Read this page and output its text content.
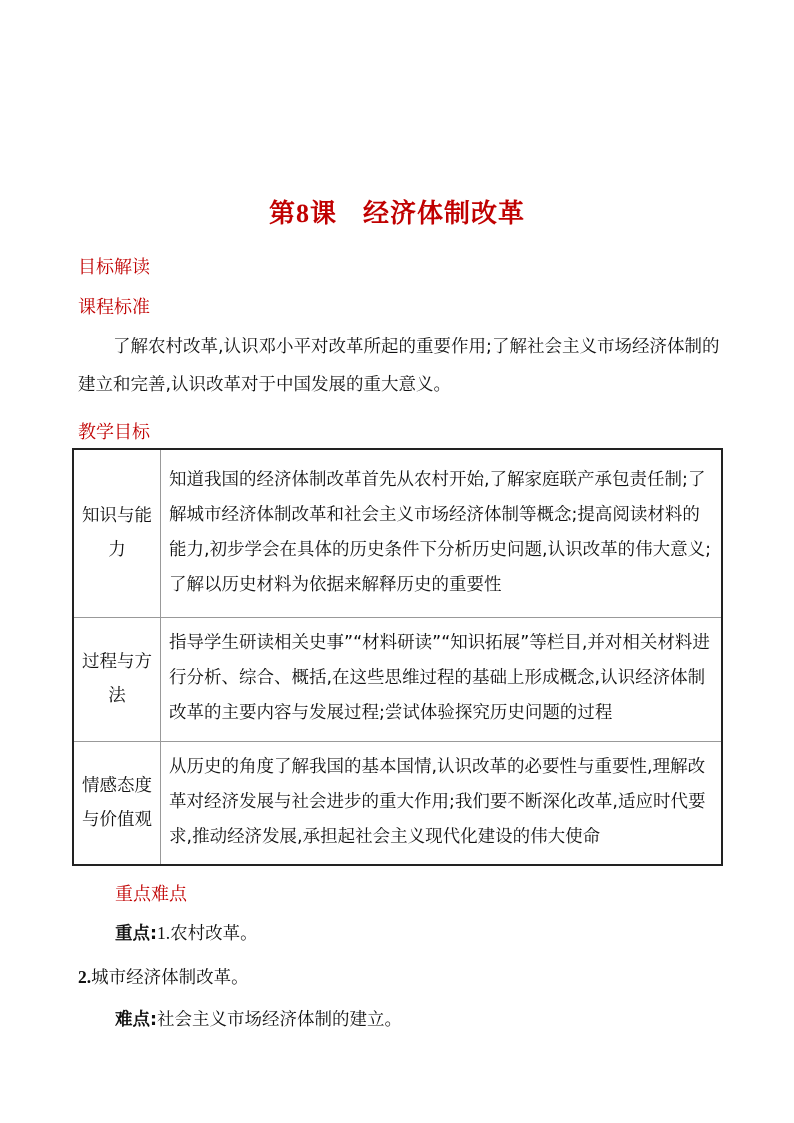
第8课 经济体制改革
目标解读
课程标准
了解农村改革,认识邓小平对改革所起的重要作用;了解社会主义市场经济体制的建立和完善,认识改革对于中国发展的重大意义。
教学目标
知识与能力	知道我国的经济体制改革首先从农村开始,了解家庭联产承包责任制;了解城市经济体制改革和社会主义市场经济体制等概念;提高阅读材料的能力,初步学会在具体的历史条件下分析历史问题,认识改革的伟大意义;了解以历史材料为依据来解释历史的重要性
过程与方法	指导学生研读相关史事”“材料研读”“知识拓展”等栏目,并对相关材料进行分析、综合、概括,在这些思维过程的基础上形成概念,认识经济体制改革的主要内容与发展过程;尝试体验探究历史问题的过程
情感态度与价值观	从历史的角度了解我国的基本国情,认识改革的必要性与重要性,理解改革对经济发展与社会进步的重大作用;我们要不断深化改革,适应时代要求,推动经济发展,承担起社会主义现代化建设的伟大使命
重点难点
重点:1.农村改革。
2.城市经济体制改革。
难点:社会主义市场经济体制的建立。
